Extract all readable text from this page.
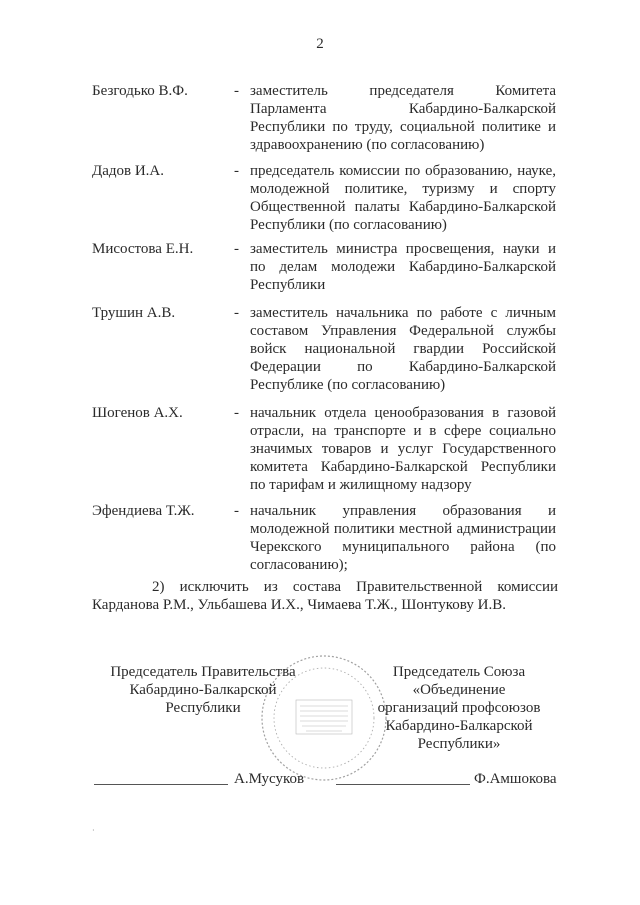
2
Безгодько В.Ф.	- заместитель председателя Комитета Парламента Кабардино-Балкарской Республики по труду, социальной политике и здравоохранению (по согласованию)
Дадов И.А.	- председатель комиссии по образованию, науке, молодежной политике, туризму и спорту Общественной палаты Кабардино-Балкарской Республики (по согласованию)
Мисостова Е.Н.	- заместитель министра просвещения, науки и по делам молодежи Кабардино-Балкарской Республики
Трушин А.В.	- заместитель начальника по работе с личным составом Управления Федеральной службы войск национальной гвардии Российской Федерации по Кабардино-Балкарской Республике (по согласованию)
Шогенов А.Х.	- начальник отдела ценообразования в газовой отрасли, на транспорте и в сфере социально значимых товаров и услуг Государственного комитета Кабардино-Балкарской Республики по тарифам и жилищному надзору
Эфендиева Т.Ж.	- начальник управления образования и молодежной политики местной администрации Черекского муниципального района (по согласованию);
2) исключить из состава Правительственной комиссии Карданова Р.М., Ульбашева И.Х., Чимаева Т.Ж., Шонтукову И.В.
Председатель Правительства
Кабардино-Балкарской
Республики
Председатель Союза
«Объединение
организаций профсоюзов
Кабардино-Балкарской
Республики»
А.Мусуков	Ф.Амшокова
·
